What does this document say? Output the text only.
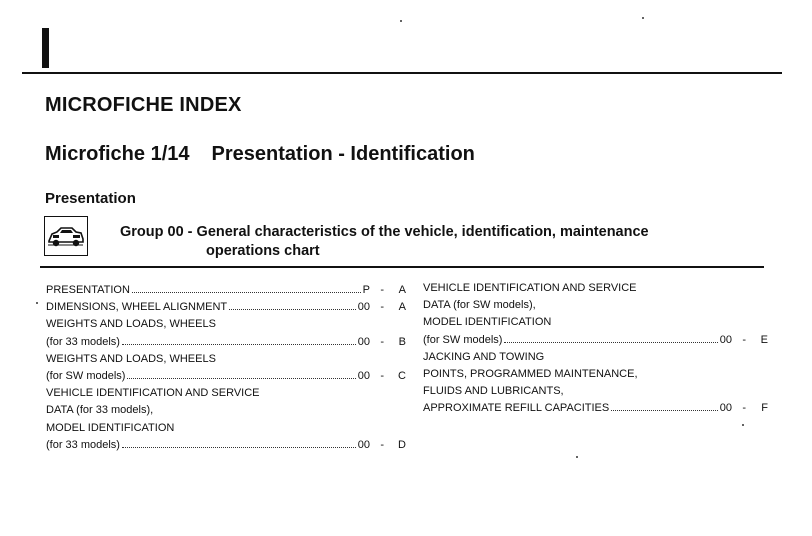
MICROFICHE INDEX
Microfiche 1/14 Presentation - Identification
Presentation
Group 00 - General characteristics of the vehicle, identification, maintenance
operations chart
PRESENTATION	P -	A
DIMENSIONS, WHEEL ALIGNMENT	00 -	A
WEIGHTS AND LOADS, WHEELS
(for 33 models)	00 -	B
WEIGHTS AND LOADS, WHEELS
(for SW models)	00 -	C
VEHICLE IDENTIFICATION AND SERVICE
DATA (for 33 models),
MODEL IDENTIFICATION
(for 33 models)	00 -	D
VEHICLE IDENTIFICATION AND SERVICE
DATA (for SW models),
MODEL IDENTIFICATION
(for SW models)	00 -	E
JACKING AND TOWING
POINTS, PROGRAMMED MAINTENANCE,
FLUIDS AND LUBRICANTS,
APPROXIMATE REFILL CAPACITIES	00 -	F
